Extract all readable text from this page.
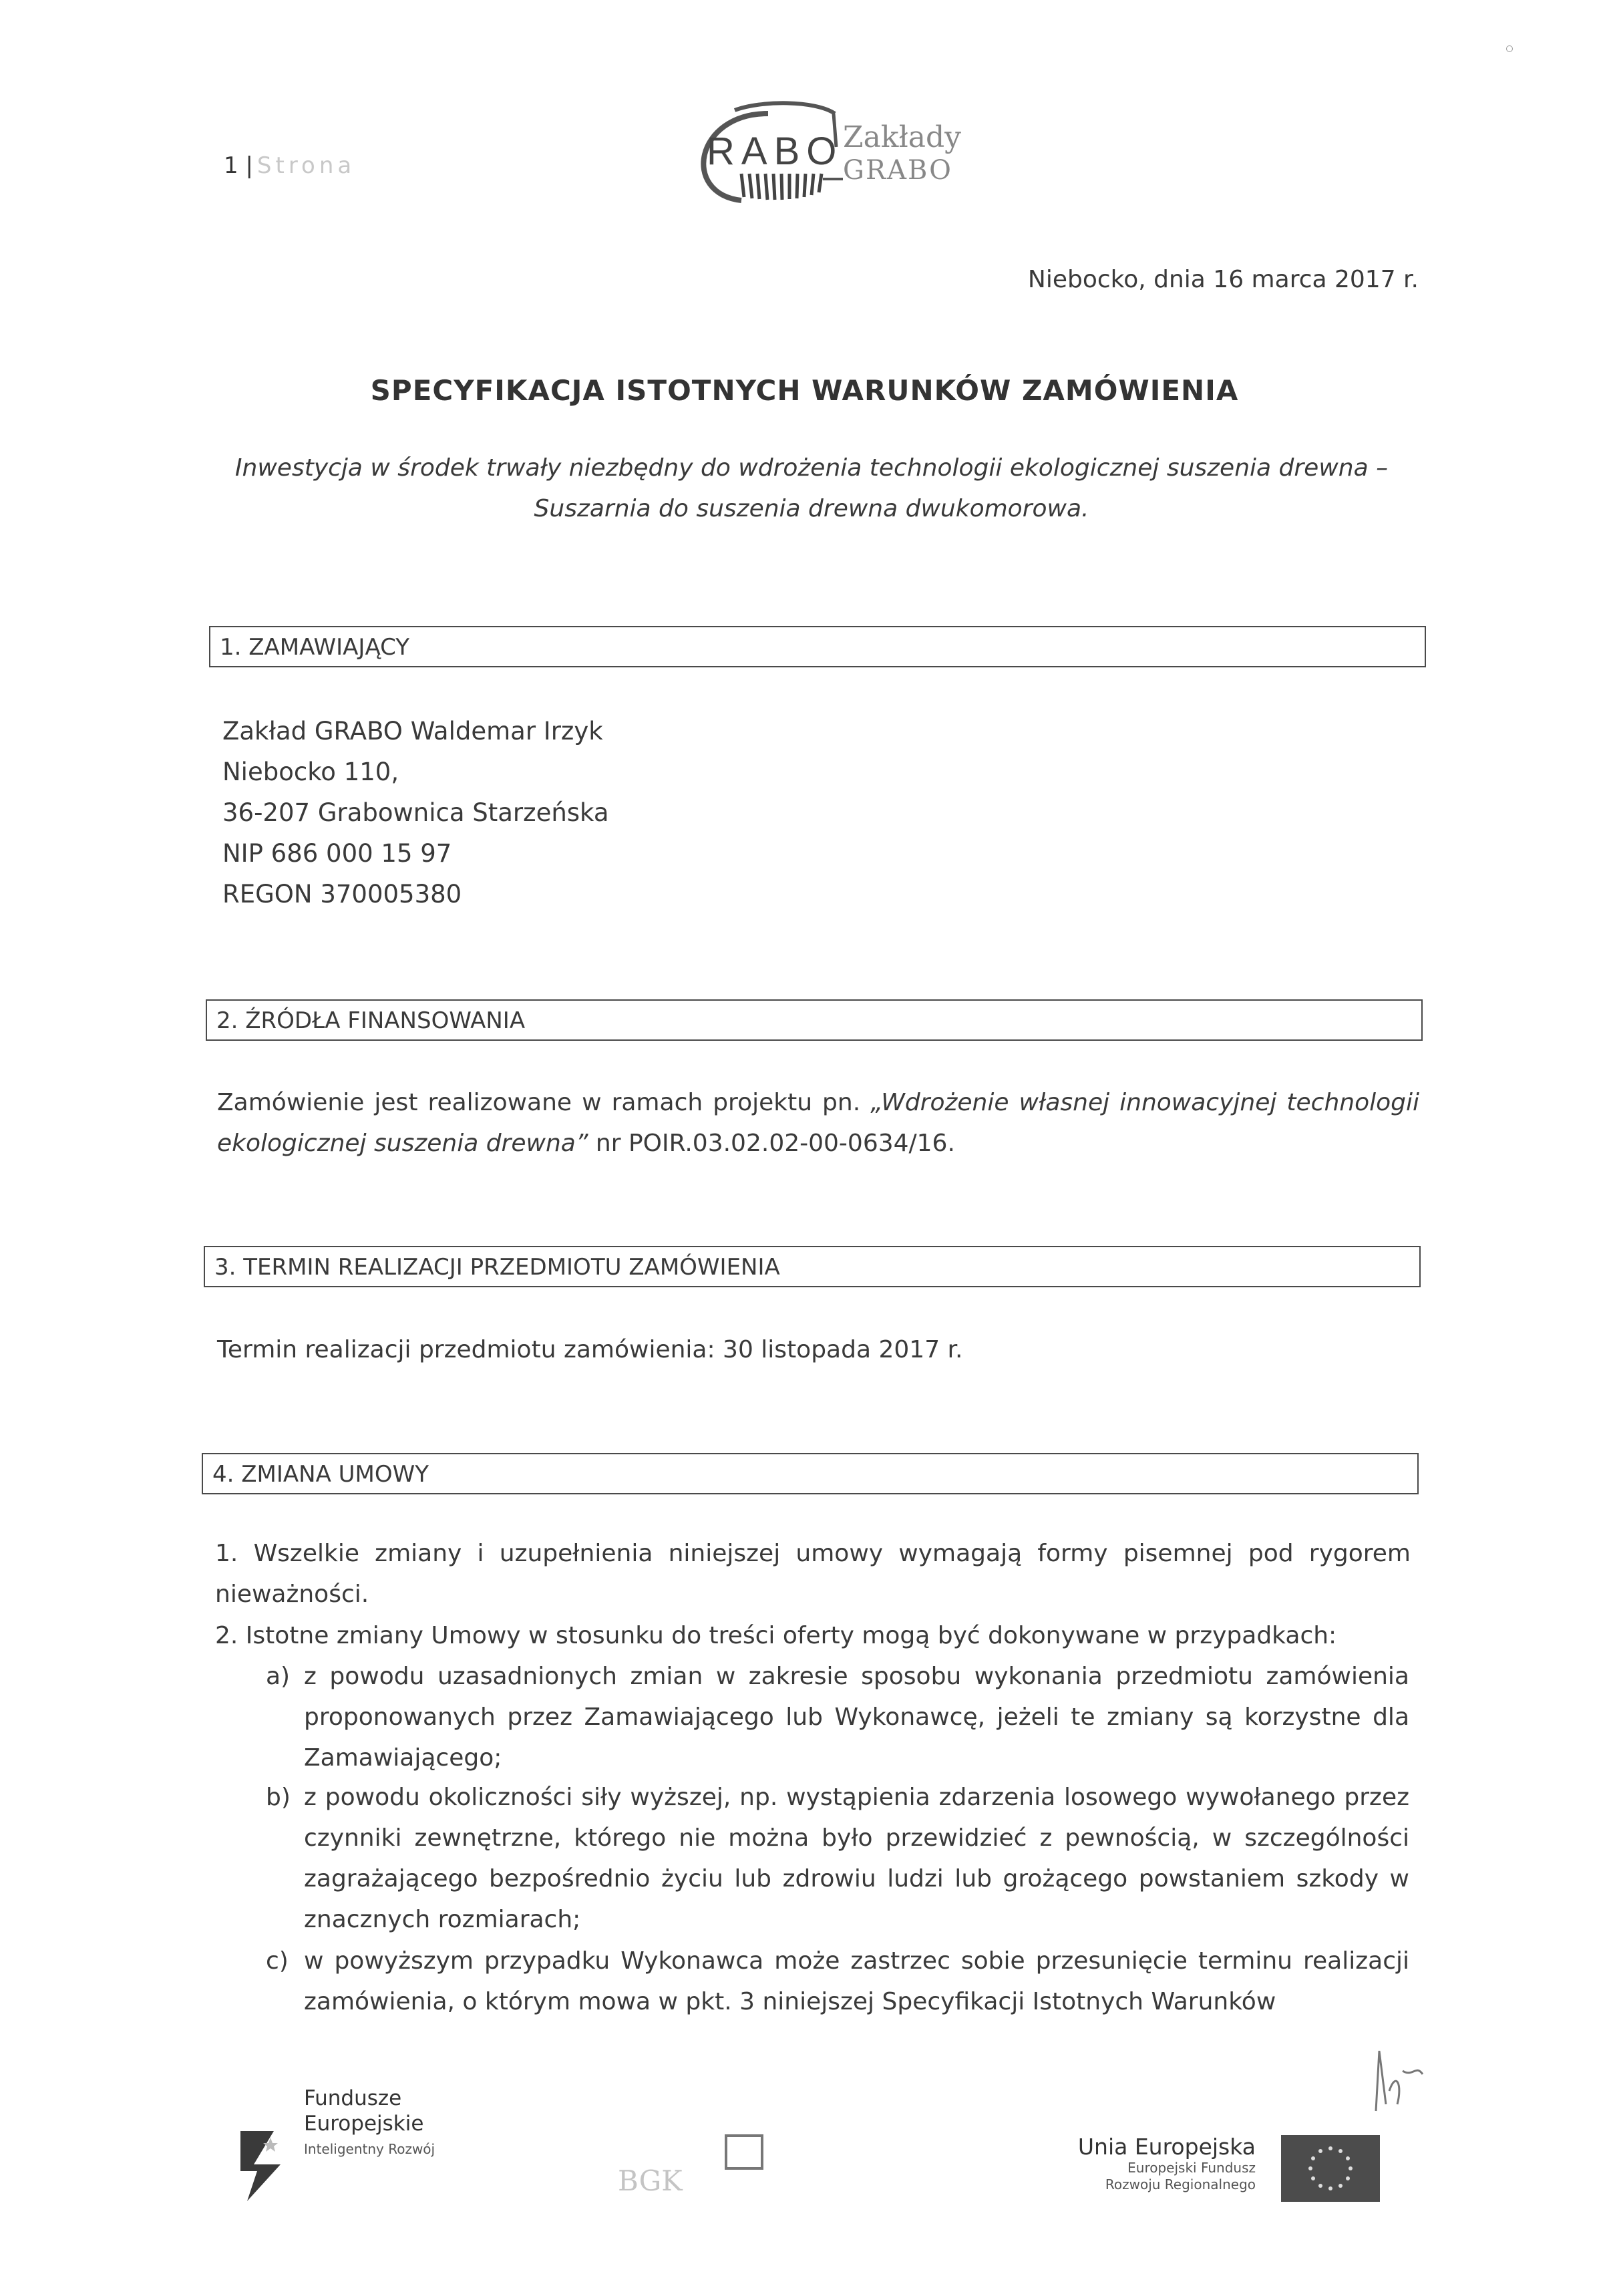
1 | Strona	RABO Zakłady
GRABO
Niebocko, dnia 16 marca 2017 r.
SPECYFIKACJA ISTOTNYCH WARUNKÓW ZAMÓWIENIA
Inwestycja w środek trwały niezbędny do wdrożenia technologii ekologicznej suszenia drewna –
Suszarnia do suszenia drewna dwukomorowa.
1. ZAMAWIAJĄCY
Zakład GRABO Waldemar Irzyk
Niebocko 110,
36-207 Grabownica Starzeńska
NIP 686 000 15 97
REGON 370005380
2. ŹRÓDŁA FINANSOWANIA
Zamówienie jest realizowane w ramach projektu pn. „Wdrożenie własnej innowacyjnej technologii ekologicznej suszenia drewna” nr POIR.03.02.02-00-0634/16.
3. TERMIN REALIZACJI PRZEDMIOTU ZAMÓWIENIA
Termin realizacji przedmiotu zamówienia: 30 listopada 2017 r.
4. ZMIANA UMOWY
1. Wszelkie zmiany i uzupełnienia niniejszej umowy wymagają formy pisemnej pod rygorem nieważności.
2. Istotne zmiany Umowy w stosunku do treści oferty mogą być dokonywane w przypadkach:
a) z powodu uzasadnionych zmian w zakresie sposobu wykonania przedmiotu zamówienia proponowanych przez Zamawiającego lub Wykonawcę, jeżeli te zmiany są korzystne dla Zamawiającego;
b) z powodu okoliczności siły wyższej, np. wystąpienia zdarzenia losowego wywołanego przez czynniki zewnętrzne, którego nie można było przewidzieć z pewnością, w szczególności zagrażającego bezpośrednio życiu lub zdrowiu ludzi lub grożącego powstaniem szkody w znacznych rozmiarach;
c) w powyższym przypadku Wykonawca może zastrzec sobie przesunięcie terminu realizacji zamówienia, o którym mowa w pkt. 3 niniejszej Specyfikacji Istotnych Warunków
Fundusze
Europejskie
Inteligentny Rozwój
BGK
Unia Europejska
Europejski Fundusz
Rozwoju Regionalnego
